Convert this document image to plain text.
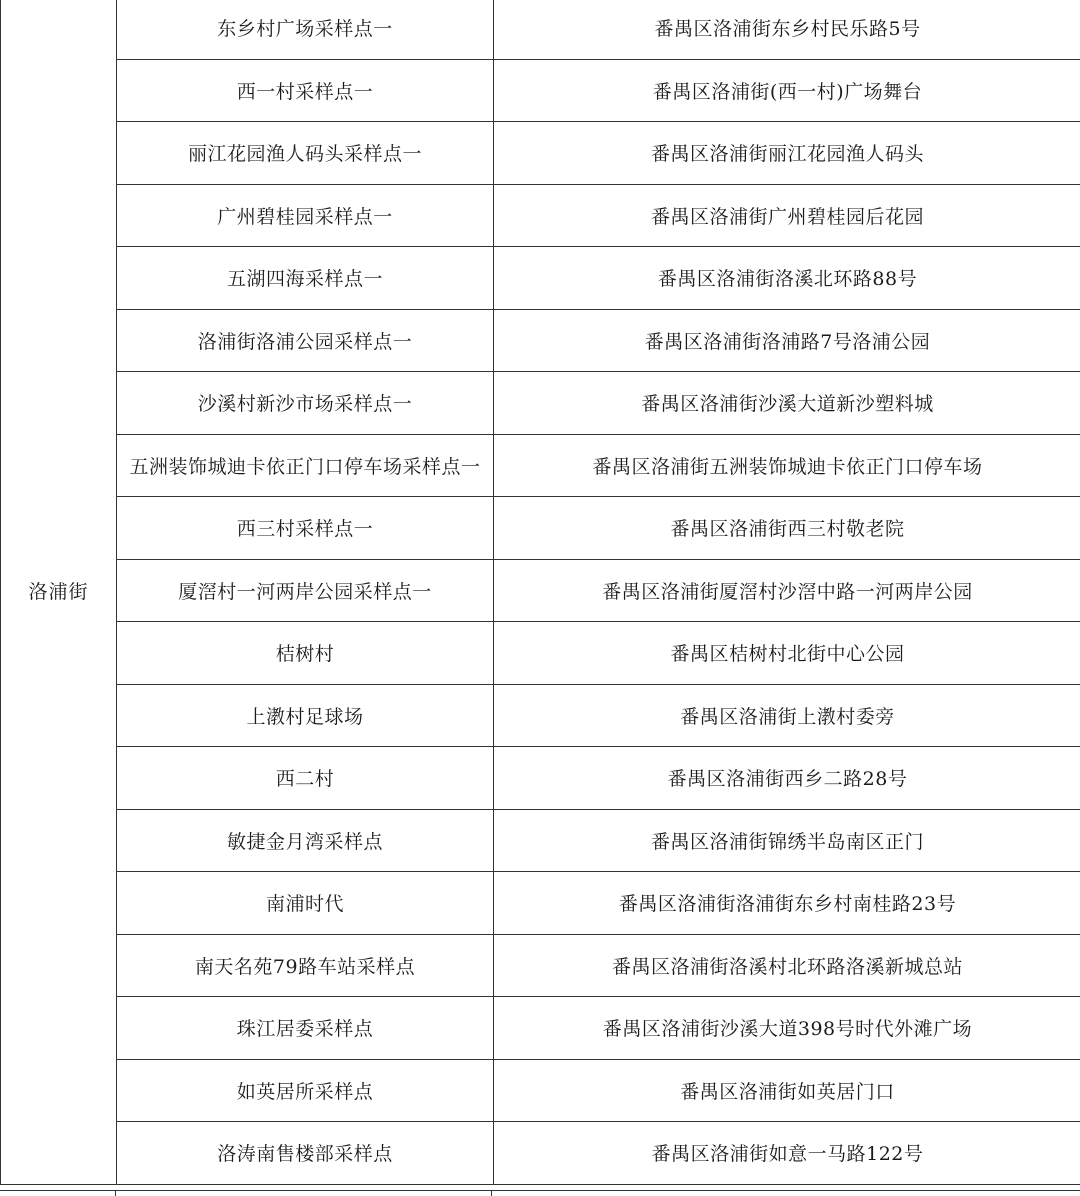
洛浦街	东乡村广场采样点一	番禺区洛浦街东乡村民乐路5号
	西一村采样点一	番禺区洛浦街(西一村)广场舞台
	丽江花园渔人码头采样点一	番禺区洛浦街丽江花园渔人码头
	广州碧桂园采样点一	番禺区洛浦街广州碧桂园后花园
	五湖四海采样点一	番禺区洛浦街洛溪北环路88号
	洛浦街洛浦公园采样点一	番禺区洛浦街洛浦路7号洛浦公园
	沙溪村新沙市场采样点一	番禺区洛浦街沙溪大道新沙塑料城
	五洲装饰城迪卡依正门口停车场采样点一	番禺区洛浦街五洲装饰城迪卡依正门口停车场
	西三村采样点一	番禺区洛浦街西三村敬老院
	厦滘村一河两岸公园采样点一	番禺区洛浦街厦滘村沙滘中路一河两岸公园
	桔树村	番禺区桔树村北街中心公园
	上漖村足球场	番禺区洛浦街上漖村委旁
	西二村	番禺区洛浦街西乡二路28号
	敏捷金月湾采样点	番禺区洛浦街锦绣半岛南区正门
	南浦时代	番禺区洛浦街洛浦街东乡村南桂路23号
	南天名苑79路车站采样点	番禺区洛浦街洛溪村北环路洛溪新城总站
	珠江居委采样点	番禺区洛浦街沙溪大道398号时代外滩广场
	如英居所采样点	番禺区洛浦街如英居门口
	洛涛南售楼部采样点	番禺区洛浦街如意一马路122号
